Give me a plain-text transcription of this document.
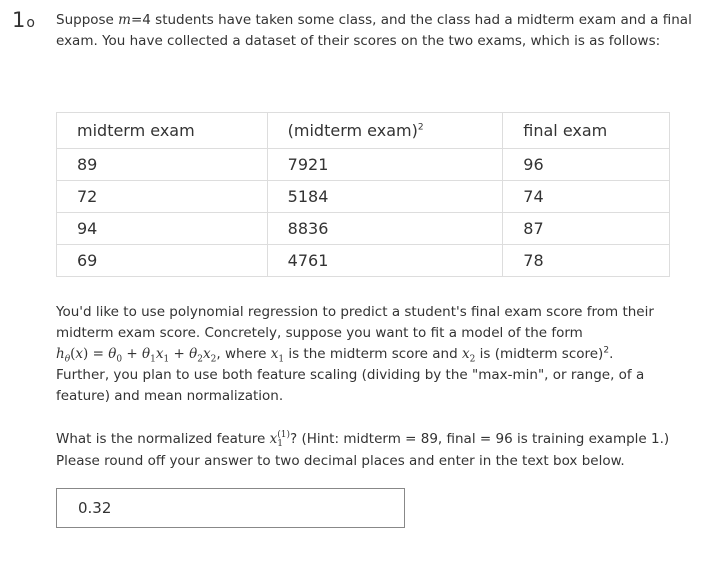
1o Suppose m=4 students have taken some class, and the class had a midterm exam and a final
exam. You have collected a dataset of their scores on the two exams, which is as follows:
midterm exam	(midterm exam)$^2$	final exam
89	7921	96
72	5184	74
94	8836	87
69	4761	78
You'd like to use polynomial regression to predict a student's final exam score from their
midterm exam score. Concretely, suppose you want to fit a model of the form
$h_\theta(x) = \theta_0 + \theta_1x_1 + \theta_2x_2$, where $x_1$ is the midterm score and $x_2$ is (midterm score)$^2$.
Further, you plan to use both feature scaling (dividing by the "max-min", or range, of a
feature) and mean normalization.
What is the normalized feature x (1)
1 ? (Hint: midterm = 89, final = 96 is training example 1.)
Please round off your answer to two decimal places and enter in the text box below.
0.32
